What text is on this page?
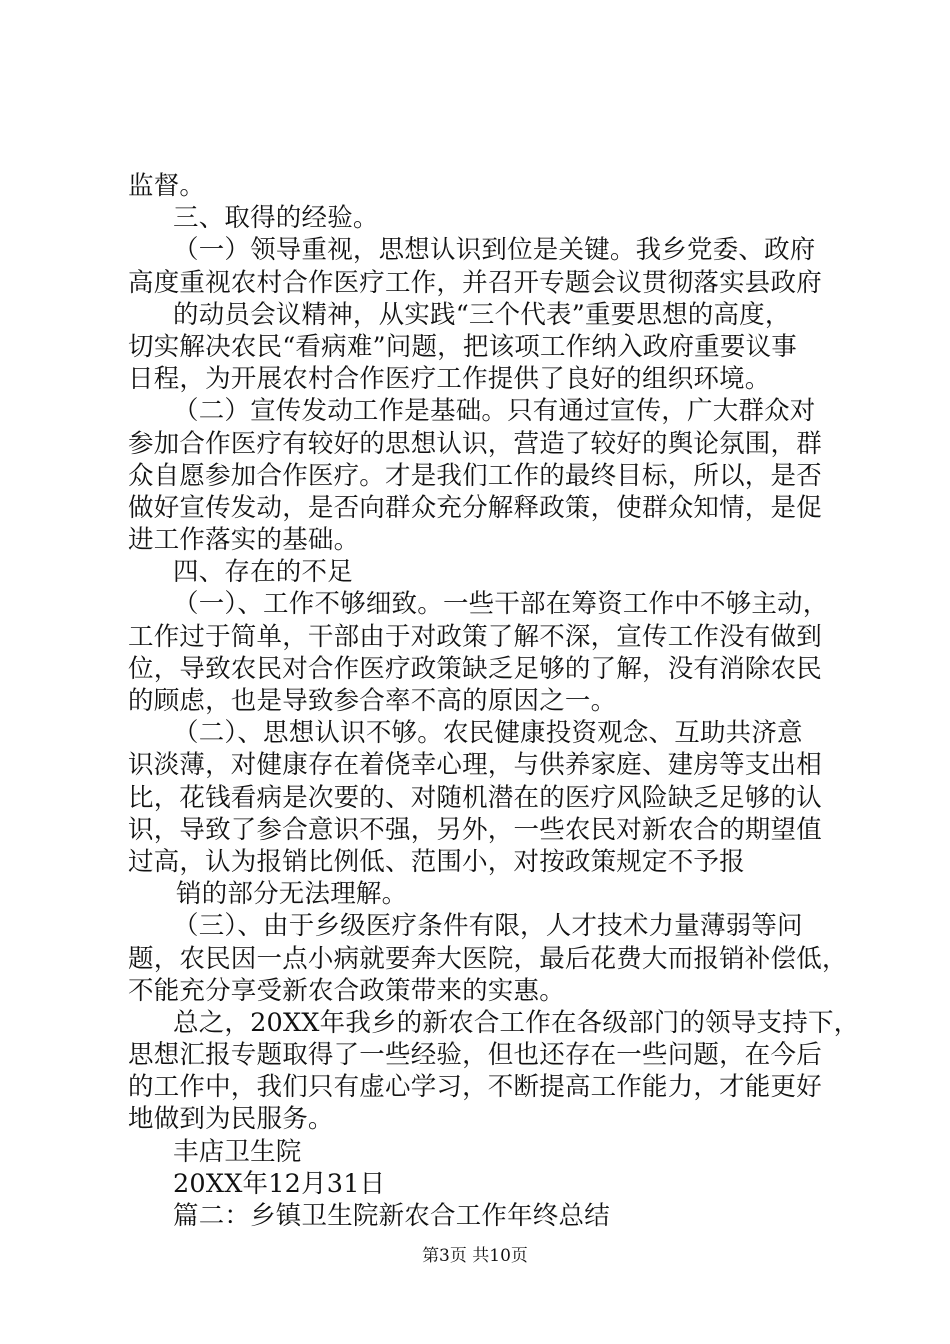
监督。
三、取得的经验。
（一）领导重视，思想认识到位是关键。我乡党委、政府
高度重视农村合作医疗工作，并召开专题会议贯彻落实县政府
的动员会议精神，从实践“三个代表”重要思想的高度，
切实解决农民“看病难”问题，把该项工作纳入政府重要议事
日程，为开展农村合作医疗工作提供了良好的组织环境。
（二）宣传发动工作是基础。只有通过宣传，广大群众对
参加合作医疗有较好的思想认识，营造了较好的舆论氛围，群
众自愿参加合作医疗。才是我们工作的最终目标，所以，是否
做好宣传发动，是否向群众充分解释政策，使群众知情，是促
进工作落实的基础。
四、存在的不足
（一）、工作不够细致。一些干部在筹资工作中不够主动，
工作过于简单，干部由于对政策了解不深，宣传工作没有做到
位，导致农民对合作医疗政策缺乏足够的了解，没有消除农民
的顾虑，也是导致参合率不高的原因之一。
（二）、思想认识不够。农民健康投资观念、互助共济意
识淡薄，对健康存在着侥幸心理，与供养家庭、建房等支出相
比，花钱看病是次要的、对随机潜在的医疗风险缺乏足够的认
识，导致了参合意识不强，另外，一些农民对新农合的期望值
过高，认为报销比例低、范围小，对按政策规定不予报
销的部分无法理解。
（三）、由于乡级医疗条件有限，人才技术力量薄弱等问
题，农民因一点小病就要奔大医院，最后花费大而报销补偿低，
不能充分享受新农合政策带来的实惠。
总之，20XX年我乡的新农合工作在各级部门的领导支持下，
思想汇报专题取得了一些经验，但也还存在一些问题，在今后
的工作中，我们只有虚心学习，不断提高工作能力，才能更好
地做到为民服务。
丰店卫生院
20XX年12月31日
篇二：乡镇卫生院新农合工作年终总结
第3页 共10页
